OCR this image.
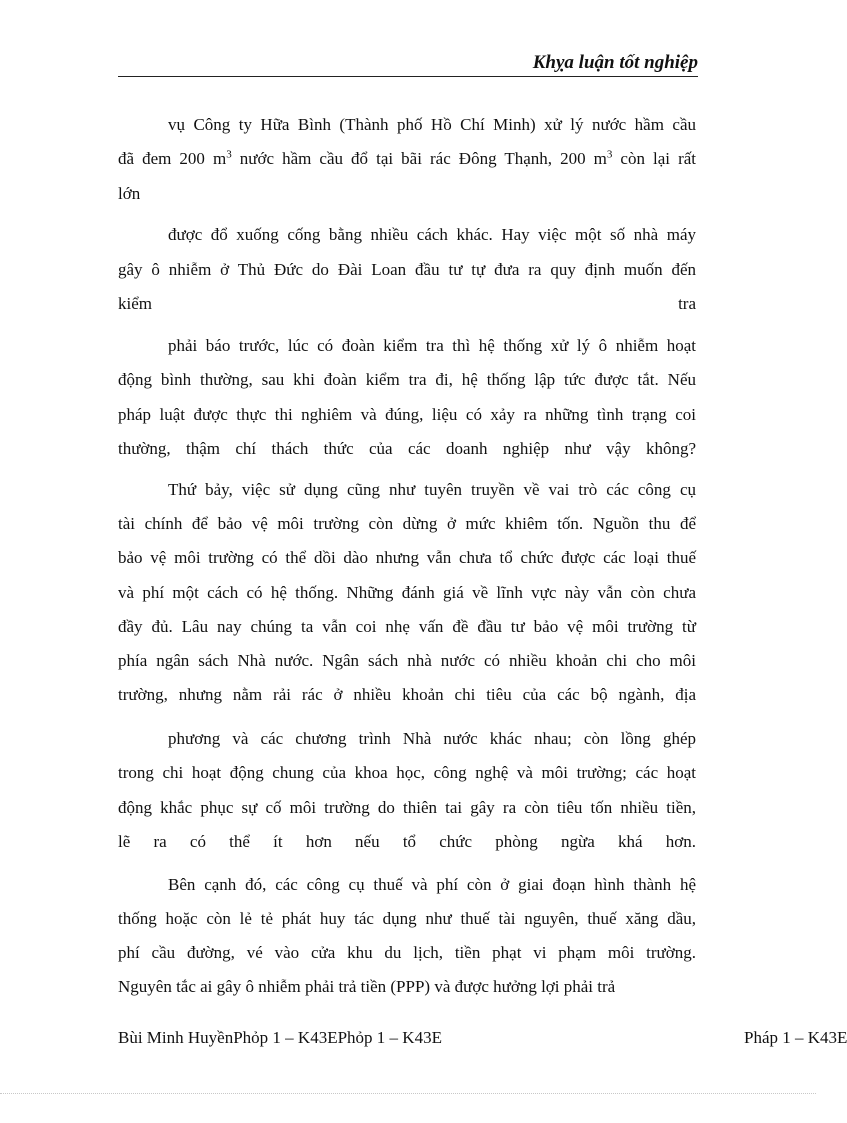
Khỵa luận tốt nghiệp
vụ Công ty Hữa Bình (Thành phố Hồ Chí Minh) xử lý nước hầm cầu
đã đem 200 $m^3$ nước hầm cầu đổ tại bãi rác Đông Thạnh, 200 $m^3$ còn lại rất
lớn
được đổ xuống cống bằng nhiều cách khác. Hay việc một số nhà máy
gây ô nhiễm ở Thủ Đức do Đài Loan đầu tư tự đưa ra quy định muốn đến
kiểm tra
phải báo trước, lúc có đoàn kiểm tra thì hệ thống xử lý ô nhiễm hoạt
động bình thường, sau khi đoàn kiểm tra đi, hệ thống lập tức được tắt. Nếu
pháp luật được thực thi nghiêm và đúng, liệu có xảy ra những tình trạng coi
thường, thậm chí thách thức của các doanh nghiệp như vậy không?
Thứ bảy, việc sử dụng cũng như tuyên truyền về vai trò các công cụ
tài chính để bảo vệ môi trường còn dừng ở mức khiêm tốn. Nguồn thu để
bảo vệ môi trường có thể dồi dào nhưng vẫn chưa tổ chức được các loại thuế
và phí một cách có hệ thống. Những đánh giá về lĩnh vực này vẫn còn chưa
đầy đủ. Lâu nay chúng ta vẫn coi nhẹ vấn đề đầu tư bảo vệ môi trường từ
phía ngân sách Nhà nước. Ngân sách nhà nước có nhiều khoản chi cho môi
trường, nhưng nằm rải rác ở nhiều khoản chi tiêu của các bộ ngành, địa
phương và các chương trình Nhà nước khác nhau; còn lồng ghép
trong chi hoạt động chung của khoa học, công nghệ và môi trường; các hoạt
động khắc phục sự cố môi trường do thiên tai gây ra còn tiêu tốn nhiều tiền,
lẽ ra có thể ít hơn nếu tổ chức phòng ngừa khá hơn.
Bên cạnh đó, các công cụ thuế và phí còn ở giai đoạn hình thành hệ
thống hoặc còn lẻ tẻ phát huy tác dụng như thuế tài nguyên, thuế xăng dầu,
phí cầu đường, vé vào cửa khu du lịch, tiền phạt vi phạm môi trường.
Nguyên tắc ai gây ô nhiễm phải trả tiền (PPP) và được hưởng lợi phải trả
Bùi Minh HuyềnPhỏp 1 – K43EPhỏp 1 – K43E	Pháp 1 – K43E
